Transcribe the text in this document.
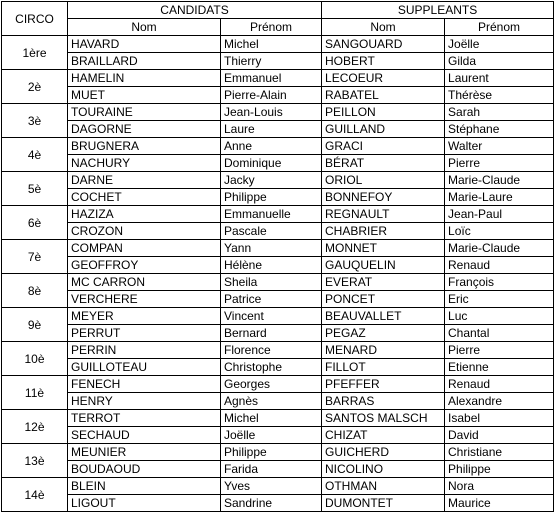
CIRCO	CANDIDATS		SUPPLEANTS	
	Nom	Prénom	Nom	Prénom
1ère	HAVARD	Michel	SANGOUARD	Joëlle
	BRAILLARD	Thierry	HOBERT	Gilda
2è	HAMELIN	Emmanuel	LECOEUR	Laurent
	MUET	Pierre-Alain	RABATEL	Thérèse
3è	TOURAINE	Jean-Louis	PEILLON	Sarah
	DAGORNE	Laure	GUILLAND	Stéphane
4è	BRUGNERA	Anne	GRACI	Walter
	NACHURY	Dominique	BÉRAT	Pierre
5è	DARNE	Jacky	ORIOL	Marie-Claude
	COCHET	Philippe	BONNEFOY	Marie-Laure
6è	HAZIZA	Emmanuelle	REGNAULT	Jean-Paul
	CROZON	Pascale	CHABRIER	Loïc
7è	COMPAN	Yann	MONNET	Marie-Claude
	GEOFFROY	Hélène	GAUQUELIN	Renaud
8è	MC CARRON	Sheila	EVERAT	François
	VERCHERE	Patrice	PONCET	Eric
9è	MEYER	Vincent	BEAUVALLET	Luc
	PERRUT	Bernard	PEGAZ	Chantal
10è	PERRIN	Florence	MENARD	Pierre
	GUILLOTEAU	Christophe	FILLOT	Etienne
11è	FENECH	Georges	PFEFFER	Renaud
	HENRY	Agnès	BARRAS	Alexandre
12è	TERROT	Michel	SANTOS MALSCH	Isabel
	SECHAUD	Joëlle	CHIZAT	David
13è	MEUNIER	Philippe	GUICHERD	Christiane
	BOUDAOUD	Farida	NICOLINO	Philippe
14è	BLEIN	Yves	OTHMAN	Nora
	LIGOUT	Sandrine	DUMONTET	Maurice
